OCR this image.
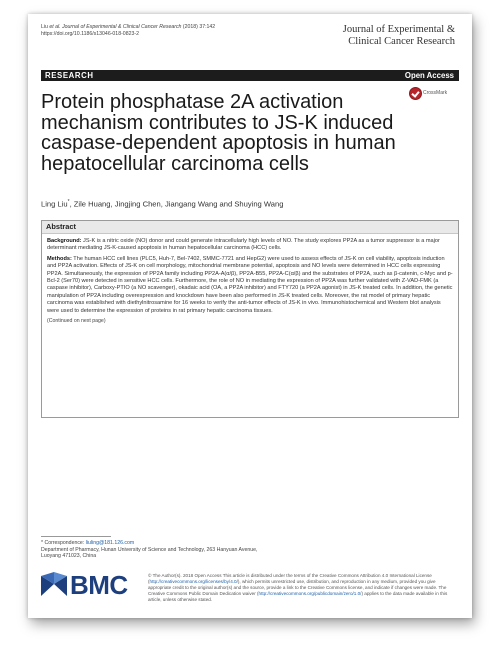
Liu et al. Journal of Experimental & Clinical Cancer Research (2018) 37:142
https://doi.org/10.1186/s13046-018-0823-2	Journal of Experimental &
Clinical Cancer Research
RESEARCH	Open Access
CrossMark
Protein phosphatase 2A activation mechanism contributes to JS-K induced caspase-dependent apoptosis in human hepatocellular carcinoma cells
Ling Liu*, Zile Huang, Jingjing Chen, Jiangang Wang and Shuying Wang
Abstract

Background: JS-K is a nitric oxide (NO) donor and could generate intracellularly high levels of NO. The study explores PP2A as a tumor suppressor is a major determinant mediating JS-K-caused apoptosis in human hepatocellular carcinoma (HCC) cells.

Methods: The human HCC cell lines (PLC5, Huh-7, Bel-7402, SMMC-7721 and HepG2) were used to assess effects of JS-K on cell viability, apoptosis induction and PP2A activation. Effects of JS-K on cell morphology, mitochondrial membrane potential, apoptosis and NO levels were determined in HCC cells expressing PP2A. Simultaneously, the expression of PP2A family including PP2A-A(α/β), PP2A-B55, PP2A-C(α/β) and the substrates of PP2A, such as β-catenin, c-Myc and p-Bcl-2 (Ser70) were detected in sensitive HCC cells. Furthermore, the role of NO in mediating the expression of PP2A was further validated with Z-VAD-FMK (a caspase inhibitor), Carboxy-PTIO (a NO scavenger), okadaic acid (OA, a PP2A inhibitor) and FTY720 (a PP2A agonist) in JS-K treated cells. In addition, the genetic manipulation of PP2A including overexpression and knockdown have been also performed in JS-K treated cells. Moreover, the rat model of primary hepatic carcinoma was established with diethylnitrosamine for 16 weeks to verify the anti-tumor effects of JS-K in vivo. Immunohistochemical and Western blot analysis were used to determine the expression of proteins in rat primary hepatic carcinoma tissues.

(Continued on next page)
* Correspondence: liuling@181.126.com
Department of Pharmacy, Hunan University of Science and Technology, 263 Hanyuan Avenue, Luoyang 471023, China
BMC	© The Author(s). 2018 Open Access This article is distributed under the terms of the Creative Commons Attribution 4.0 International License (http://creativecommons.org/licenses/by/4.0/), which permits unrestricted use, distribution, and reproduction in any medium, provided you give appropriate credit to the original author(s) and the source, provide a link to the Creative Commons license, and indicate if changes were made. The Creative Commons Public Domain Dedication waiver (http://creativecommons.org/publicdomain/zero/1.0/) applies to the data made available in this article, unless otherwise stated.
